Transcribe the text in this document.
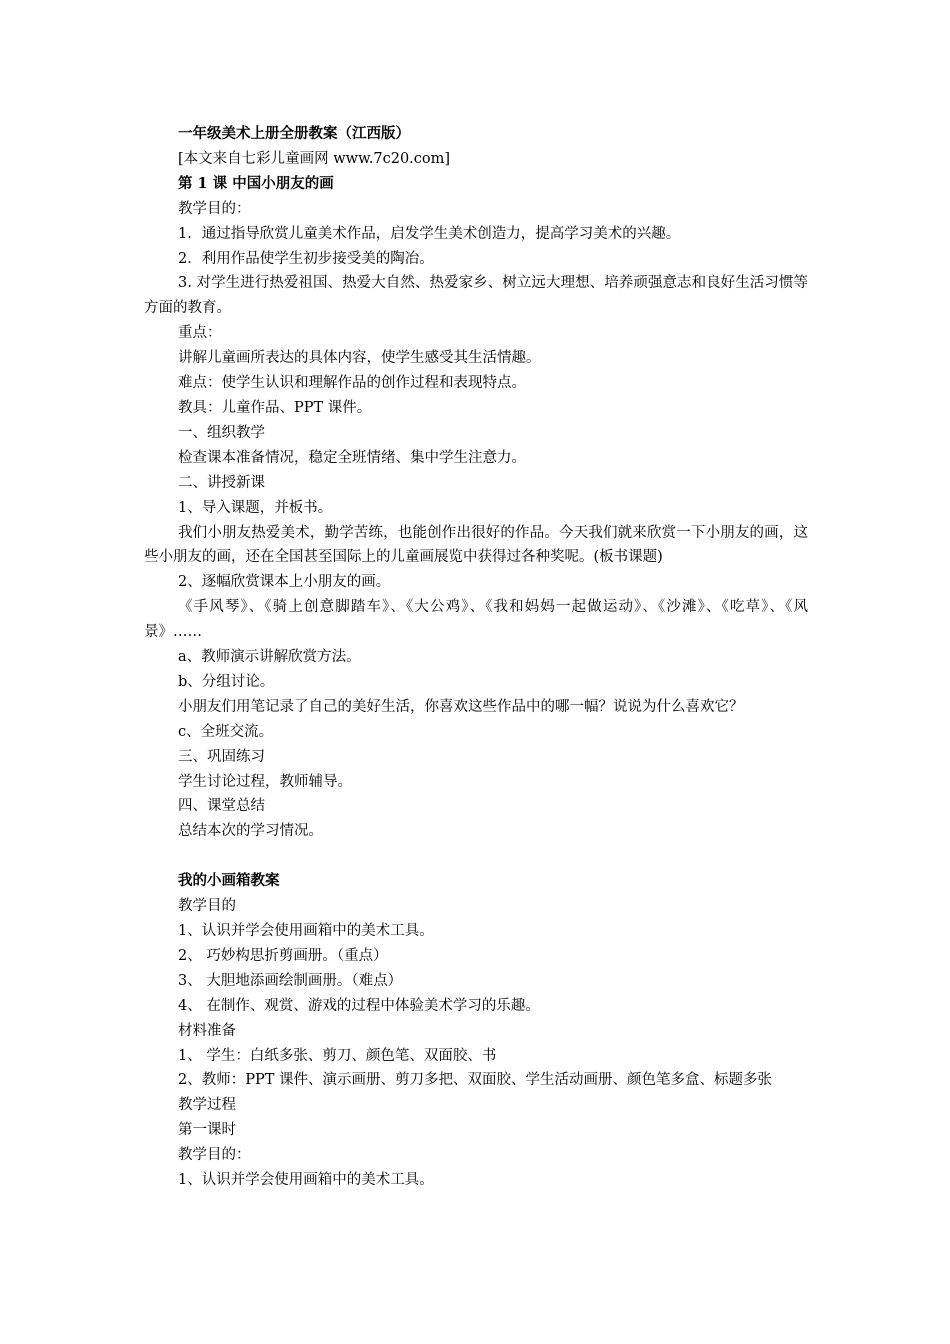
一年级美术上册全册教案（江西版）

[本文来自七彩儿童画网 www.7c20.com]

第 1 课 中国小朋友的画

教学目的：

1．通过指导欣赏儿童美术作品，启发学生美术创造力，提高学习美术的兴趣。

2．利用作品使学生初步接受美的陶冶。

3. 对学生进行热爱祖国、热爱大自然、热爱家乡、树立远大理想、培养顽强意志和良好生活习惯等方面的教育。

重点：

讲解儿童画所表达的具体内容，使学生感受其生活情趣。

难点：使学生认识和理解作品的创作过程和表现特点。

教具：儿童作品、PPT 课件。

一、组织教学

检查课本准备情况，稳定全班情绪、集中学生注意力。

二、讲授新课

1、导入课题，并板书。

我们小朋友热爱美术，勤学苦练，也能创作出很好的作品。今天我们就来欣赏一下小朋友的画，这些小朋友的画，还在全国甚至国际上的儿童画展览中获得过各种奖呢。(板书课题)

2、逐幅欣赏课本上小朋友的画。

《手风琴》、《骑上创意脚踏车》、《大公鸡》、《我和妈妈一起做运动》、《沙滩》、《吃草》、《风景》……

a、教师演示讲解欣赏方法。

b、分组讨论。

小朋友们用笔记录了自己的美好生活，你喜欢这些作品中的哪一幅？说说为什么喜欢它？

c、全班交流。

三、巩固练习

学生讨论过程，教师辅导。

四、课堂总结

总结本次的学习情况。

我的小画箱教案

教学目的

1、认识并学会使用画箱中的美术工具。

2、 巧妙构思折剪画册。（重点）

3、 大胆地添画绘制画册。（难点）

4、 在制作、观赏、游戏的过程中体验美术学习的乐趣。

材料准备

1、 学生：白纸多张、剪刀、颜色笔、双面胶、书

2、教师：PPT 课件、演示画册、剪刀多把、双面胶、学生活动画册、颜色笔多盒、标题多张

教学过程

第一课时

教学目的：

1、认识并学会使用画箱中的美术工具。
